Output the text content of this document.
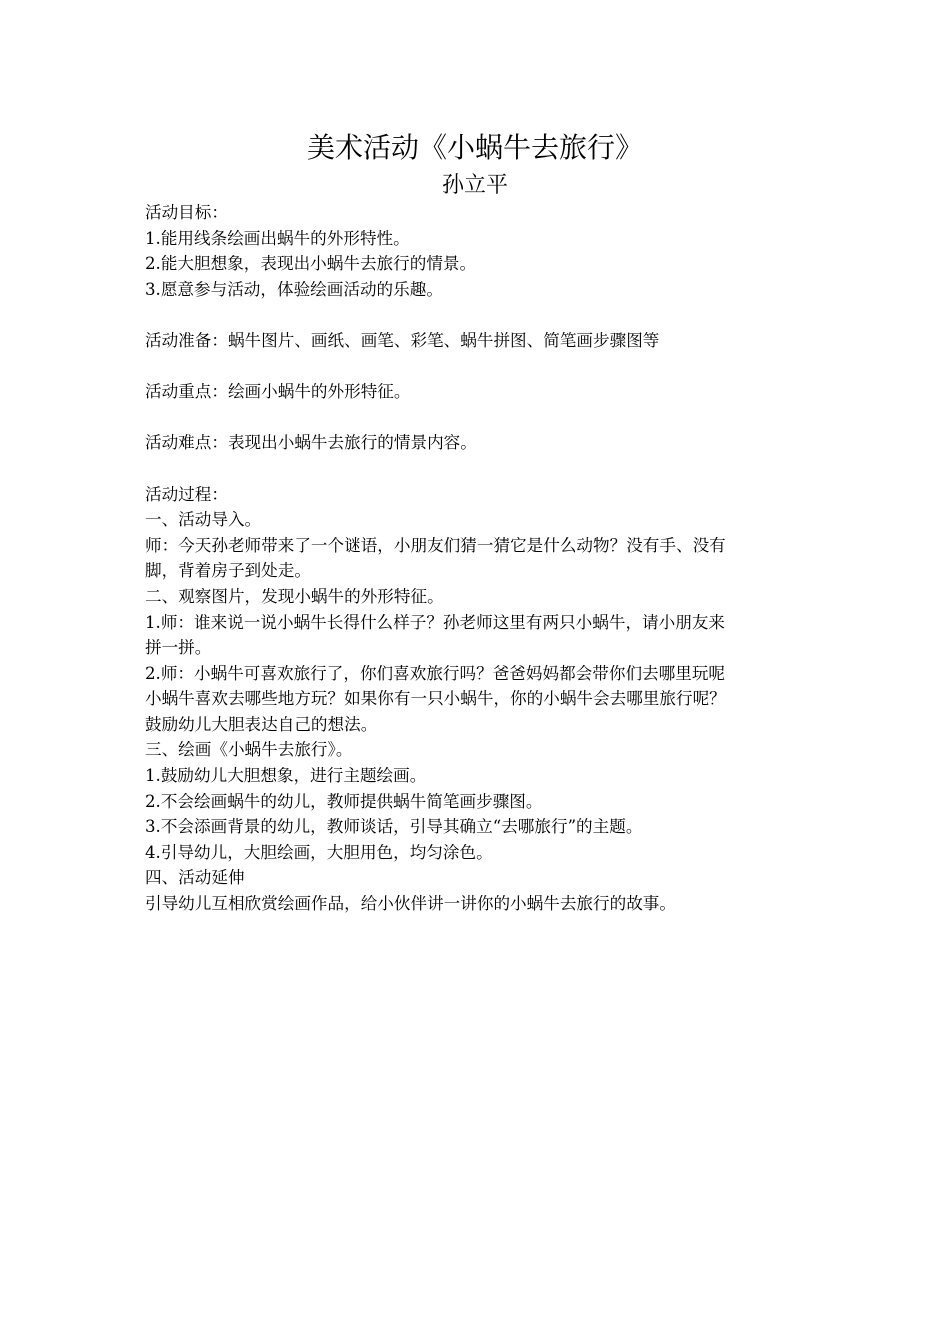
美术活动《小蜗牛去旅行》
孙立平
活动目标：
1.能用线条绘画出蜗牛的外形特性。
2.能大胆想象，表现出小蜗牛去旅行的情景。
3.愿意参与活动，体验绘画活动的乐趣。
活动准备：蜗牛图片、画纸、画笔、彩笔、蜗牛拼图、简笔画步骤图等
活动重点：绘画小蜗牛的外形特征。
活动难点：表现出小蜗牛去旅行的情景内容。
活动过程：
一、活动导入。
师：今天孙老师带来了一个谜语，小朋友们猜一猜它是什么动物？没有手、没有
脚，背着房子到处走。
二、观察图片，发现小蜗牛的外形特征。
1.师：谁来说一说小蜗牛长得什么样子？孙老师这里有两只小蜗牛，请小朋友来
拼一拼。
2.师：小蜗牛可喜欢旅行了，你们喜欢旅行吗？爸爸妈妈都会带你们去哪里玩呢
小蜗牛喜欢去哪些地方玩？如果你有一只小蜗牛，你的小蜗牛会去哪里旅行呢？
鼓励幼儿大胆表达自己的想法。
三、绘画《小蜗牛去旅行》。
1.鼓励幼儿大胆想象，进行主题绘画。
2.不会绘画蜗牛的幼儿，教师提供蜗牛简笔画步骤图。
3.不会添画背景的幼儿，教师谈话，引导其确立“去哪旅行”的主题。
4.引导幼儿，大胆绘画，大胆用色，均匀涂色。
四、活动延伸
引导幼儿互相欣赏绘画作品，给小伙伴讲一讲你的小蜗牛去旅行的故事。
